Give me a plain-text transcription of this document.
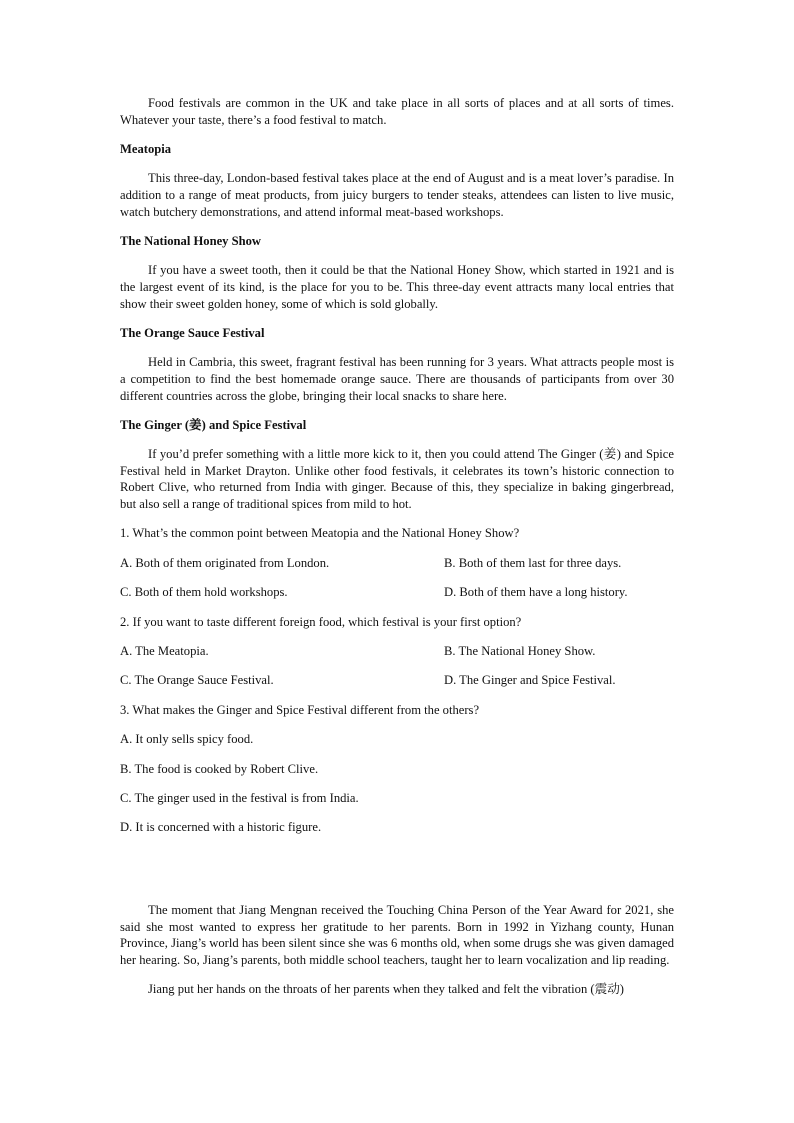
Food festivals are common in the UK and take place in all sorts of places and at all sorts of times. Whatever your taste, there’s a food festival to match.

Meatopia

This three-day, London-based festival takes place at the end of August and is a meat lover’s paradise. In addition to a range of meat products, from juicy burgers to tender steaks, attendees can listen to live music, watch butchery demonstrations, and attend informal meat-based workshops.

The National Honey Show

If you have a sweet tooth, then it could be that the National Honey Show, which started in 1921 and is the largest event of its kind, is the place for you to be. This three-day event attracts many local entries that show their sweet golden honey, some of which is sold globally.

The Orange Sauce Festival

Held in Cambria, this sweet, fragrant festival has been running for 3 years. What attracts people most is a competition to find the best homemade orange sauce. There are thousands of participants from over 30 different countries across the globe, bringing their local snacks to share here.

The Ginger (姜) and Spice Festival

If you’d prefer something with a little more kick to it, then you could attend The Ginger (姜) and Spice Festival held in Market Drayton. Unlike other food festivals, it celebrates its town’s historic connection to Robert Clive, who returned from India with ginger. Because of this, they specialize in baking gingerbread, but also sell a range of traditional spices from mild to hot.

1. What’s the common point between Meatopia and the National Honey Show?

A. Both of them originated from London.	B. Both of them last for three days.
C. Both of them hold workshops.	D. Both of them have a long history.

2. If you want to taste different foreign food, which festival is your first option?

A. The Meatopia.	B. The National Honey Show.
C. The Orange Sauce Festival.	D. The Ginger and Spice Festival.

3. What makes the Ginger and Spice Festival different from the others?

A. It only sells spicy food.

B. The food is cooked by Robert Clive.

C. The ginger used in the festival is from India.

D. It is concerned with a historic figure.

The moment that Jiang Mengnan received the Touching China Person of the Year Award for 2021, she said she most wanted to express her gratitude to her parents. Born in 1992 in Yizhang county, Hunan Province, Jiang’s world has been silent since she was 6 months old, when some drugs she was given damaged her hearing. So, Jiang’s parents, both middle school teachers, taught her to learn vocalization and lip reading.

Jiang put her hands on the throats of her parents when they talked and felt the vibration (震动)
